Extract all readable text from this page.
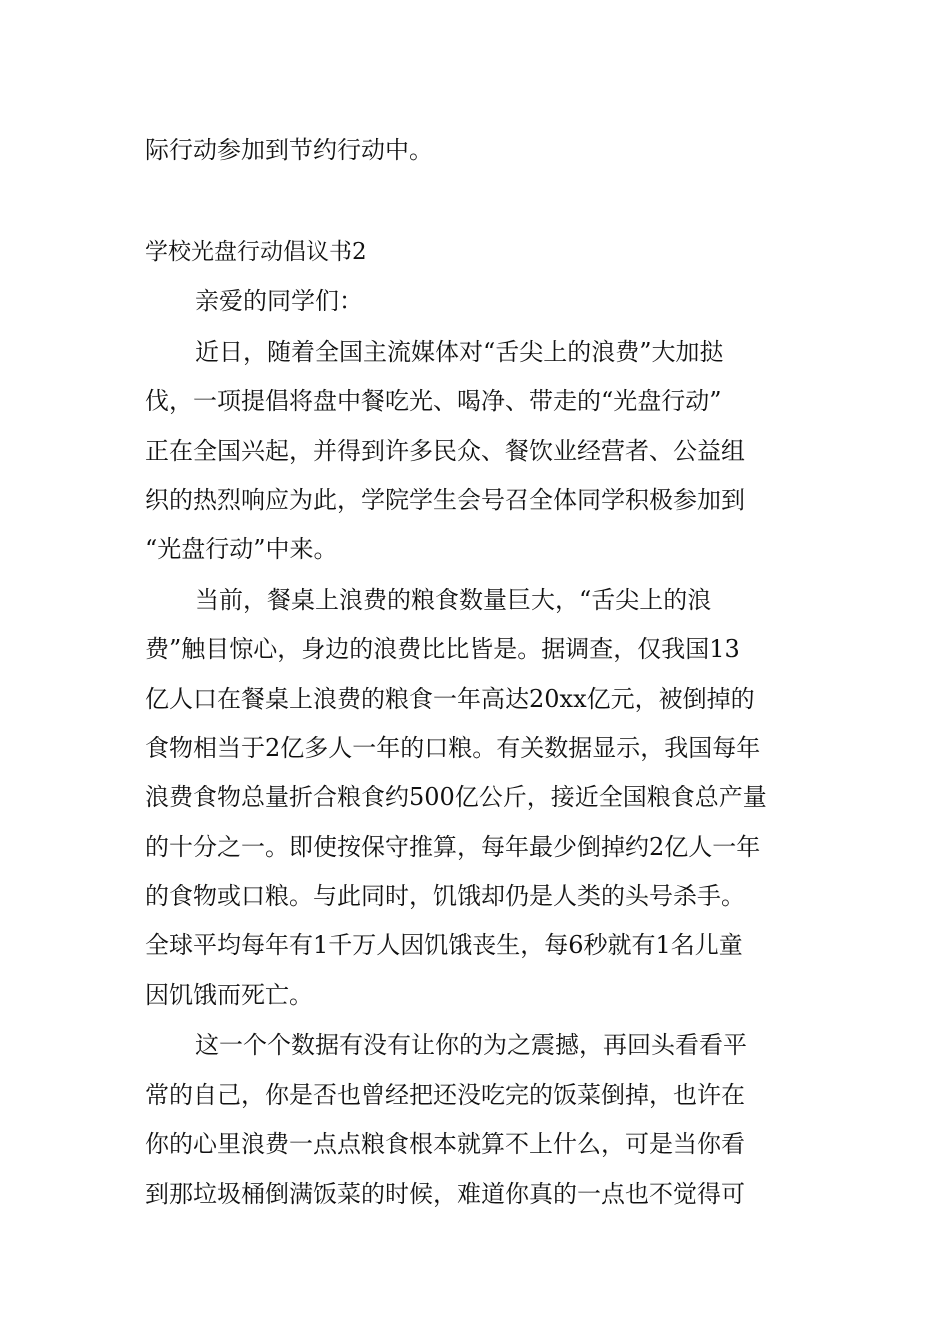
际行动参加到节约行动中。
学校光盘行动倡议书2
亲爱的同学们：
近日，随着全国主流媒体对“舌尖上的浪费”大加挞
伐，一项提倡将盘中餐吃光、喝净、带走的“光盘行动”
正在全国兴起，并得到许多民众、餐饮业经营者、公益组
织的热烈响应为此，学院学生会号召全体同学积极参加到
“光盘行动”中来。
当前，餐桌上浪费的粮食数量巨大，“舌尖上的浪
费”触目惊心，身边的浪费比比皆是。据调查，仅我国13
亿人口在餐桌上浪费的粮食一年高达20xx亿元，被倒掉的
食物相当于2亿多人一年的口粮。有关数据显示，我国每年
浪费食物总量折合粮食约500亿公斤，接近全国粮食总产量
的十分之一。即使按保守推算，每年最少倒掉约2亿人一年
的食物或口粮。与此同时，饥饿却仍是人类的头号杀手。
全球平均每年有1千万人因饥饿丧生，每6秒就有1名儿童
因饥饿而死亡。
这一个个数据有没有让你的为之震撼，再回头看看平
常的自己，你是否也曾经把还没吃完的饭菜倒掉，也许在
你的心里浪费一点点粮食根本就算不上什么，可是当你看
到那垃圾桶倒满饭菜的时候，难道你真的一点也不觉得可
